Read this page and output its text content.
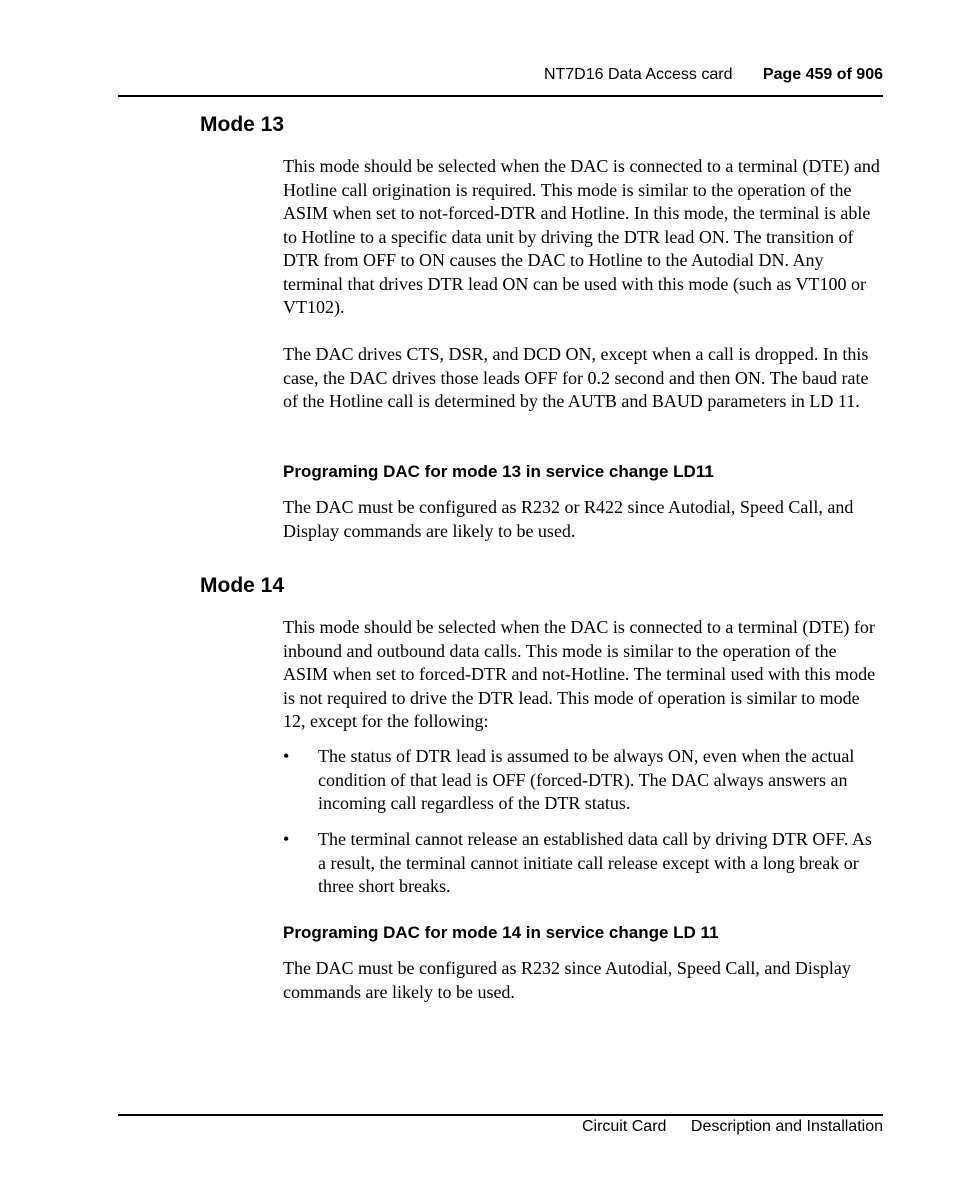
NT7D16 Data Access card Page 459 of 906
Mode 13

This mode should be selected when the DAC is connected to a terminal (DTE) and Hotline call origination is required. This mode is similar to the operation of the ASIM when set to not-forced-DTR and Hotline. In this mode, the terminal is able to Hotline to a specific data unit by driving the DTR lead ON. The transition of DTR from OFF to ON causes the DAC to Hotline to the Autodial DN. Any terminal that drives DTR lead ON can be used with this mode (such as VT100 or VT102).

The DAC drives CTS, DSR, and DCD ON, except when a call is dropped. In this case, the DAC drives those leads OFF for 0.2 second and then ON. The baud rate of the Hotline call is determined by the AUTB and BAUD parameters in LD 11.

Programing DAC for mode 13 in service change LD11

The DAC must be configured as R232 or R422 since Autodial, Speed Call, and Display commands are likely to be used.

Mode 14

This mode should be selected when the DAC is connected to a terminal (DTE) for inbound and outbound data calls. This mode is similar to the operation of the ASIM when set to forced-DTR and not-Hotline. The terminal used with this mode is not required to drive the DTR lead. This mode of operation is similar to mode 12, except for the following:

• The status of DTR lead is assumed to be always ON, even when the actual condition of that lead is OFF (forced-DTR). The DAC always answers an incoming call regardless of the DTR status.
• The terminal cannot release an established data call by driving DTR OFF. As a result, the terminal cannot initiate call release except with a long break or three short breaks.
Programing DAC for mode 14 in service change LD 11

The DAC must be configured as R232 since Autodial, Speed Call, and Display commands are likely to be used.

Circuit Card Description and Installation
